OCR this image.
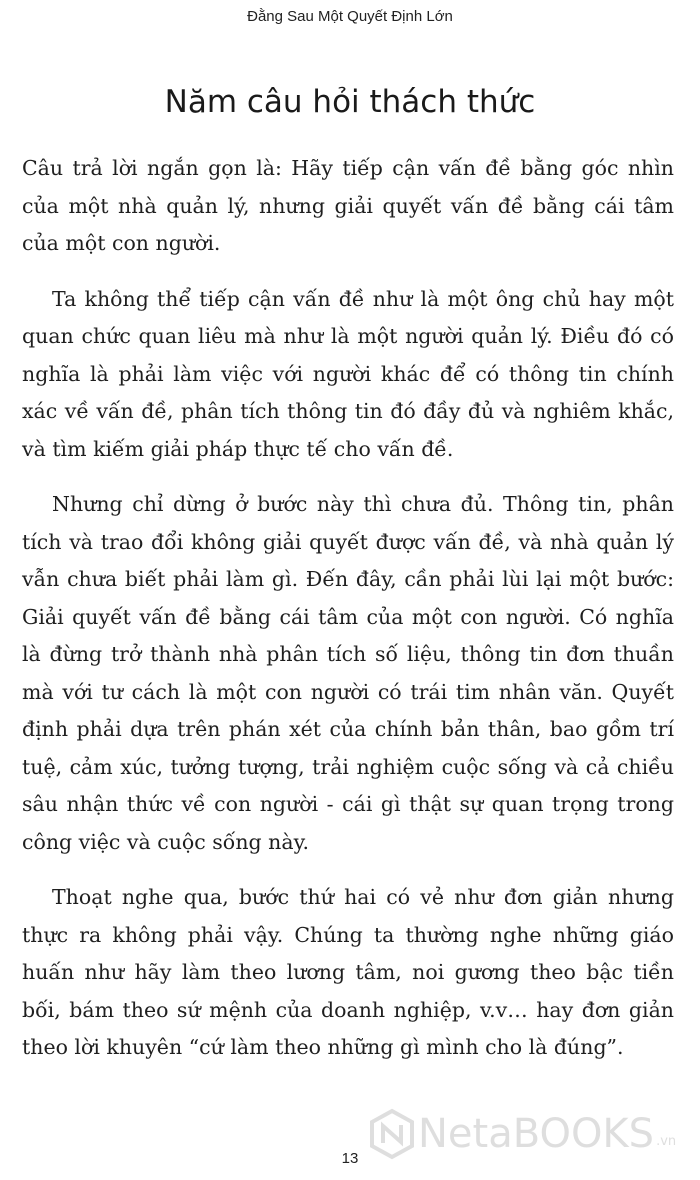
Đằng Sau Một Quyết Định Lớn
Năm câu hỏi thách thức

Câu trả lời ngắn gọn là: Hãy tiếp cận vấn đề bằng góc nhìn của một nhà quản lý, nhưng giải quyết vấn đề bằng cái tâm của một con người.

Ta không thể tiếp cận vấn đề như là một ông chủ hay một quan chức quan liêu mà như là một người quản lý. Điều đó có nghĩa là phải làm việc với người khác để có thông tin chính xác về vấn đề, phân tích thông tin đó đầy đủ và nghiêm khắc, và tìm kiếm giải pháp thực tế cho vấn đề.

Nhưng chỉ dừng ở bước này thì chưa đủ. Thông tin, phân tích và trao đổi không giải quyết được vấn đề, và nhà quản lý vẫn chưa biết phải làm gì. Đến đây, cần phải lùi lại một bước: Giải quyết vấn đề bằng cái tâm của một con người. Có nghĩa là đừng trở thành nhà phân tích số liệu, thông tin đơn thuần mà với tư cách là một con người có trái tim nhân văn. Quyết định phải dựa trên phán xét của chính bản thân, bao gồm trí tuệ, cảm xúc, tưởng tượng, trải nghiệm cuộc sống và cả chiều sâu nhận thức về con người - cái gì thật sự quan trọng trong công việc và cuộc sống này.

Thoạt nghe qua, bước thứ hai có vẻ như đơn giản nhưng thực ra không phải vậy. Chúng ta thường nghe những giáo huấn như hãy làm theo lương tâm, noi gương theo bậc tiền bối, bám theo sứ mệnh của doanh nghiệp, v.v… hay đơn giản theo lời khuyên “cứ làm theo những gì mình cho là đúng”.

NetaBOOKS .vn
13
